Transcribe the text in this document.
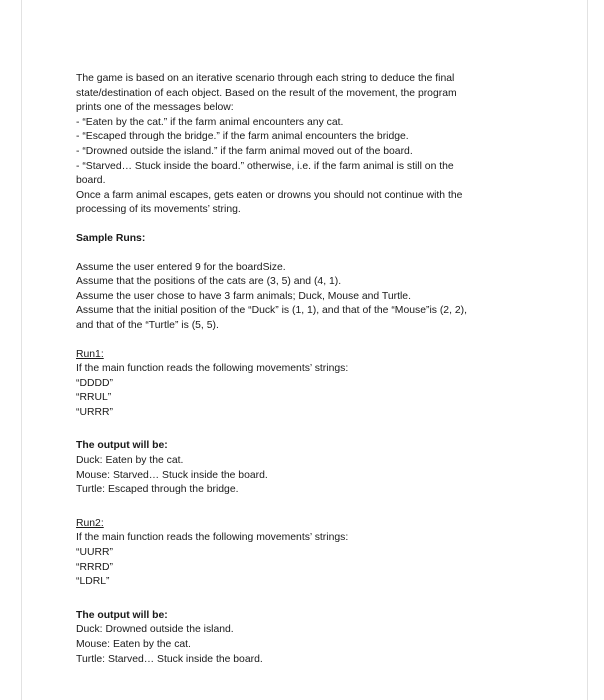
The game is based on an iterative scenario through each string to deduce the final
state/destination of each object. Based on the result of the movement, the program
prints one of the messages below:
- “Eaten by the cat.” if the farm animal encounters any cat.
- “Escaped through the bridge.” if the farm animal encounters the bridge.
- “Drowned outside the island.” if the farm animal moved out of the board.
- “Starved… Stuck inside the board.” otherwise, i.e. if the farm animal is still on the
board.
Once a farm animal escapes, gets eaten or drowns you should not continue with the
processing of its movements’ string.
Sample Runs:
Assume the user entered 9 for the boardSize.
Assume that the positions of the cats are (3, 5) and (4, 1).
Assume the user chose to have 3 farm animals; Duck, Mouse and Turtle.
Assume that the initial position of the “Duck” is (1, 1), and that of the “Mouse”is (2, 2),
and that of the “Turtle” is (5, 5).
Run1:
If the main function reads the following movements’ strings:
“DDDD”
“RRUL”
“URRR”
The output will be:
Duck: Eaten by the cat.
Mouse: Starved… Stuck inside the board.
Turtle: Escaped through the bridge.
Run2:
If the main function reads the following movements’ strings:
“UURR”
“RRRD”
“LDRL”
The output will be:
Duck: Drowned outside the island.
Mouse: Eaten by the cat.
Turtle: Starved… Stuck inside the board.
